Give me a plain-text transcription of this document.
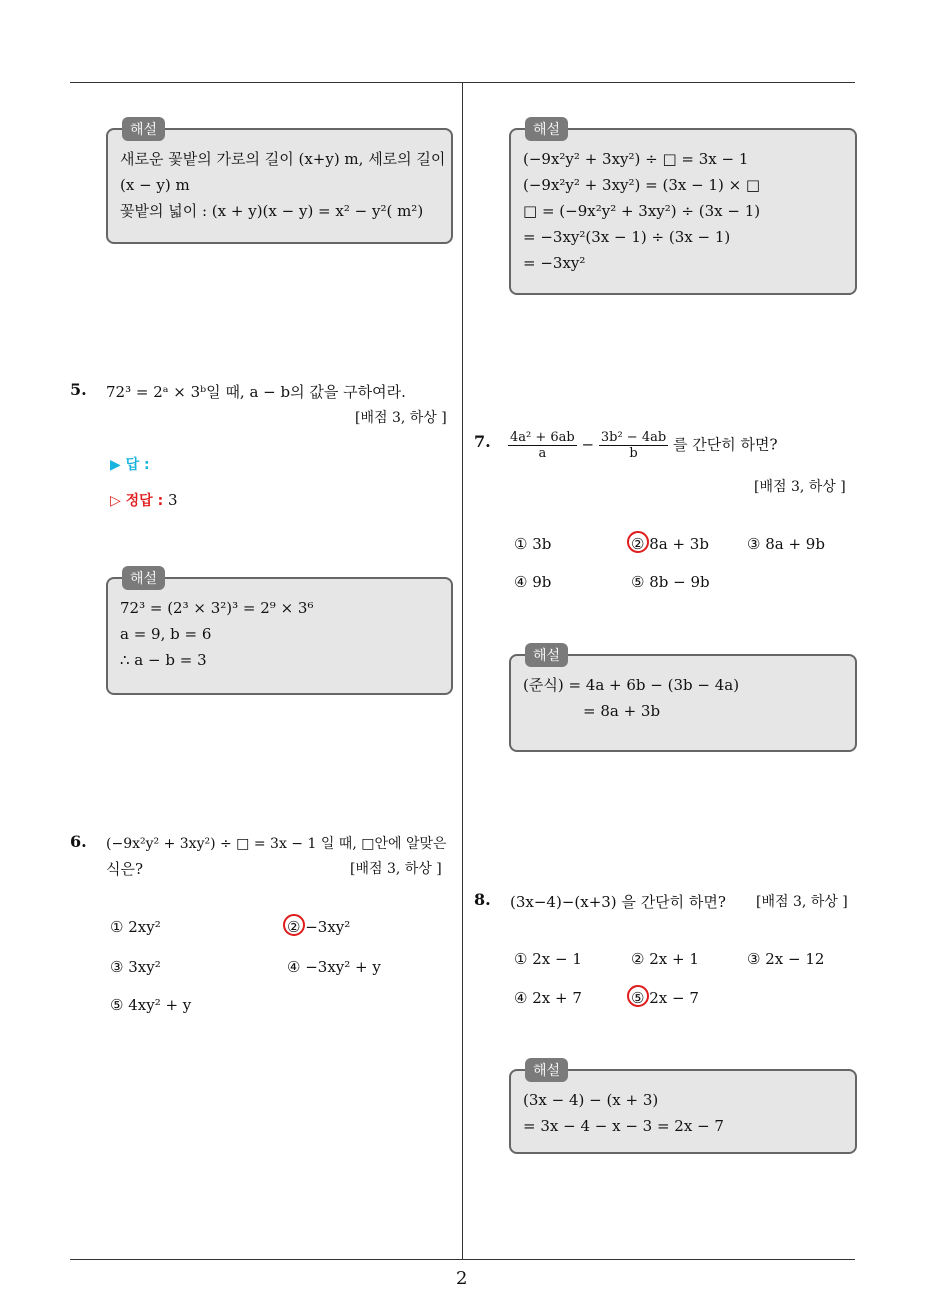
2
해설
새로운 꽃밭의 가로의 길이 (x+y) m, 세로의 길이
(x − y) m
꽃밭의 넓이 : (x + y)(x − y) = x² − y²( m²)
5. 72³ = 2ᵃ × 3ᵇ일 때, a − b의 값을 구하여라.
[배점 3, 하상 ]
▶ 답 :
▷ 정답 : 3
해설
72³ = (2³ × 3²)³ = 2⁹ × 3⁶
a = 9, b = 6
∴ a − b = 3
6. (−9x²y² + 3xy²) ÷ □ = 3x − 1 일 때, □안에 알맞은
식은?	[배점 3, 하상 ]
① 2xy²	② −3xy²
③ 3xy²	④ −3xy² + y
⑤ 4xy² + y
해설
(−9x²y² + 3xy²) ÷ □ = 3x − 1
(−9x²y² + 3xy²) = (3x − 1) × □
□ = (−9x²y² + 3xy²) ÷ (3x − 1)
= −3xy²(3x − 1) ÷ (3x − 1)
= −3xy²
7. $\frac{\text{4a² + 6ab}}{a} - \frac{\text{3b² − 4ab}}{b}$ 를 간단히 하면?
[배점 3, 하상 ]
① 3b	② 8a + 3b	③ 8a + 9b
④ 9b	⑤ 8b − 9b
해설
(준식) = 4a + 6b − (3b − 4a)
= 8a + 3b
8. (3x−4)−(x+3) 을 간단히 하면? [배점 3, 하상 ]
① 2x − 1	② 2x + 1	③ 2x − 12
④ 2x + 7	⑤ 2x − 7
해설
(3x − 4) − (x + 3)
= 3x − 4 − x − 3 = 2x − 7
